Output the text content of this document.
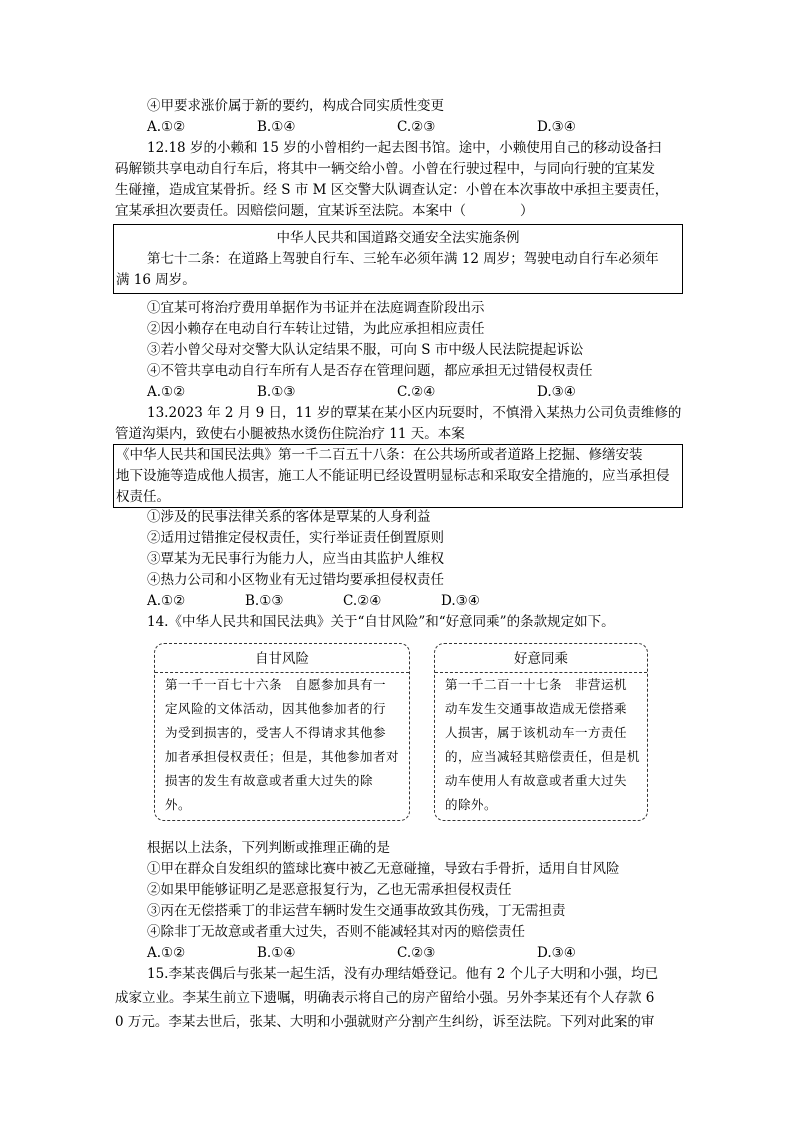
④甲要求涨价属于新的要约，构成合同实质性变更
A.①②	B.①④	C.②③	D.③④
12.18 岁的小赖和 15 岁的小曾相约一起去图书馆。途中，小赖使用自己的移动设备扫
码解锁共享电动自行车后，将其中一辆交给小曾。小曾在行驶过程中，与同向行驶的宜某发
生碰撞，造成宜某骨折。经 S 市 M 区交警大队调查认定：小曾在本次事故中承担主要责任，
宜某承担次要责任。因赔偿问题，宜某诉至法院。本案中（　　　　）
中华人民共和国道路交通安全法实施条例
第七十二条：在道路上驾驶自行车、三轮车必须年满 12 周岁；驾驶电动自行车必须年
满 16 周岁。
①宜某可将治疗费用单据作为书证并在法庭调查阶段出示
②因小赖存在电动自行车转让过错，为此应承担相应责任
③若小曾父母对交警大队认定结果不服，可向 S 市中级人民法院提起诉讼
④不管共享电动自行车所有人是否存在管理问题，都应承担无过错侵权责任
A.①②	B.①③	C.②④	D.③④
13.2023 年 2 月 9 日，11 岁的覃某在某小区内玩耍时，不慎滑入某热力公司负责维修的
管道沟渠内，致使右小腿被热水烫伤住院治疗 11 天。本案
《中华人民共和国民法典》第一千二百五十八条：在公共场所或者道路上挖掘、修缮安装
地下设施等造成他人损害，施工人不能证明已经设置明显标志和采取安全措施的，应当承担侵
权责任。
①涉及的民事法律关系的客体是覃某的人身利益
②适用过错推定侵权责任，实行举证责任倒置原则
③覃某为无民事行为能力人，应当由其监护人维权
④热力公司和小区物业有无过错均要承担侵权责任
A.①②	B.①③	C.②④	D.③④
14.《中华人民共和国民法典》关于“自甘风险”和“好意同乘”的条款规定如下。
自甘风险
第一千一百七十六条　自愿参加具有一
定风险的文体活动，因其他参加者的行
为受到损害的，受害人不得请求其他参
加者承担侵权责任；但是，其他参加者对
损害的发生有故意或者重大过失的除
外。
好意同乘
第一千二百一十七条　非营运机
动车发生交通事故造成无偿搭乘
人损害，属于该机动车一方责任
的，应当减轻其赔偿责任，但是机
动车使用人有故意或者重大过失
的除外。
根据以上法条，下列判断或推理正确的是
①甲在群众自发组织的篮球比赛中被乙无意碰撞，导致右手骨折，适用自甘风险
②如果甲能够证明乙是恶意报复行为，乙也无需承担侵权责任
③丙在无偿搭乘丁的非运营车辆时发生交通事故致其伤残，丁无需担责
④除非丁无故意或者重大过失，否则不能减轻其对丙的赔偿责任
A.①②	B.①④	C.②③	D.③④
15.李某丧偶后与张某一起生活，没有办理结婚登记。他有 2 个儿子大明和小强，均已
成家立业。李某生前立下遗嘱，明确表示将自己的房产留给小强。另外李某还有个人存款 6
0 万元。李某去世后，张某、大明和小强就财产分割产生纠纷，诉至法院。下列对此案的审
